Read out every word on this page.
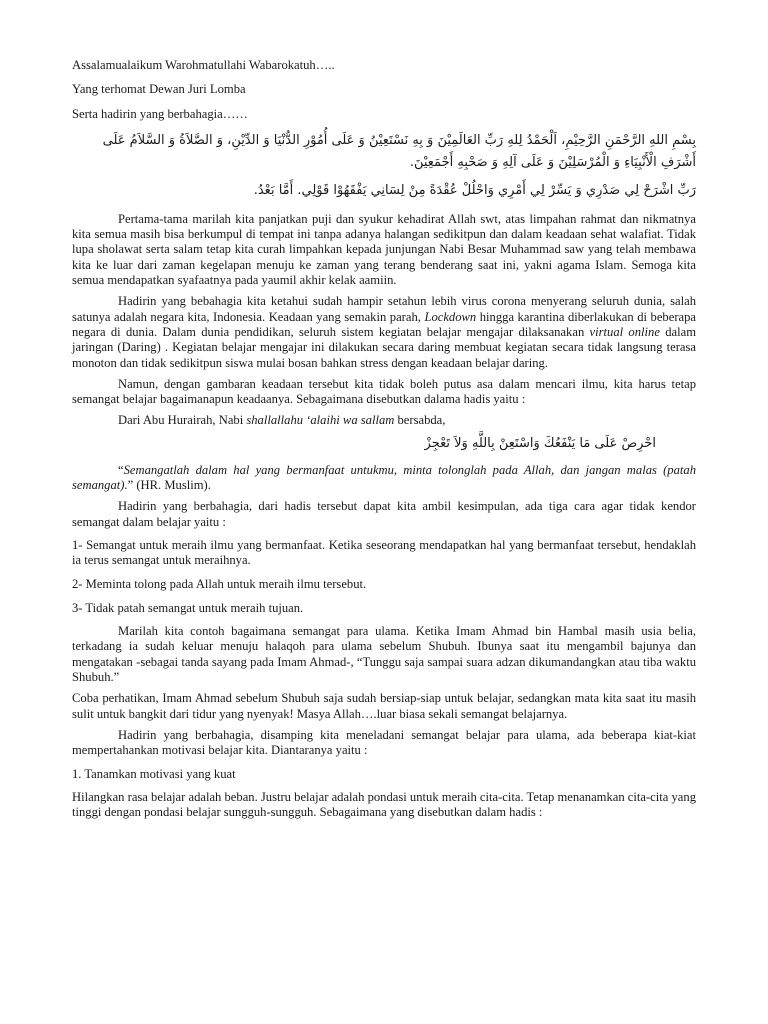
Assalamualaikum Warohmatullahi Wabarokatuh…..

Yang terhomat Dewan Juri Lomba

Serta hadirin yang berbahagia……

بِسْمِ اللهِ الرَّحْمَنِ الرَّحِيْمِ، اَلْحَمْدُ لِلهِ رَبِّ العَالَمِيْنَ وَ بِهِ نَسْتَعِيْنُ وَ عَلَى أُمُوْرِ الدُّنْيَا وَ الدِّيْنِ، وَ الصَّلاَةُ وَ السَّلاَمُ عَلَى أَشْرَفِ الْأَنْبِيَاءِ وَ الْمُرْسَلِيْنَ وَ عَلَى آلِهِ وَ صَحْبِهِ أَجْمَعِيْنَ.

رَبِّ اشْرَحْ لِي صَدْرِي وَ يَسِّرْ لِي أَمْرِي وَاحْلُلْ عُقْدَةً مِنْ لِسَانِي يَفْقَهُوْا قَوْلِي. أَمَّا بَعْدُ.

Pertama-tama marilah kita panjatkan puji dan syukur kehadirat Allah swt, atas limpahan rahmat dan nikmatnya kita semua masih bisa berkumpul di tempat ini tanpa adanya halangan sedikitpun dan dalam keadaan sehat walafiat. Tidak lupa sholawat serta salam tetap kita curah limpahkan kepada junjungan Nabi Besar Muhammad saw yang telah membawa kita ke luar dari zaman kegelapan menuju ke zaman yang terang benderang saat ini, yakni agama Islam. Semoga kita semua mendapatkan syafaatnya pada yaumil akhir kelak aamiin.

Hadirin yang bebahagia kita ketahui sudah hampir setahun lebih virus corona menyerang seluruh dunia, salah satunya adalah negara kita, Indonesia. Keadaan yang semakin parah, Lockdown hingga karantina diberlakukan di beberapa negara di dunia. Dalam dunia pendidikan, seluruh sistem kegiatan belajar mengajar dilaksanakan virtual online dalam jaringan (Daring) . Kegiatan belajar mengajar ini dilakukan secara daring membuat kegiatan secara tidak langsung terasa monoton dan tidak sedikitpun siswa mulai bosan bahkan stress dengan keadaan belajar daring.

Namun, dengan gambaran keadaan tersebut kita tidak boleh putus asa dalam mencari ilmu, kita harus tetap semangat belajar bagaimanapun keadaanya. Sebagaimana disebutkan dalama hadis yaitu :

Dari Abu Hurairah, Nabi shallallahu ‘alaihi wa sallam bersabda,

احْرِصْ عَلَى مَا يَنْفَعُكَ وَاسْتَعِنْ بِاللَّهِ وَلاَ تَعْجِزْ

“Semangatlah dalam hal yang bermanfaat untukmu, minta tolonglah pada Allah, dan jangan malas (patah semangat).” (HR. Muslim).

Hadirin yang berbahagia, dari hadis tersebut dapat kita ambil kesimpulan, ada tiga cara agar tidak kendor semangat dalam belajar yaitu :

1- Semangat untuk meraih ilmu yang bermanfaat. Ketika seseorang mendapatkan hal yang bermanfaat tersebut, hendaklah ia terus semangat untuk meraihnya.

2- Meminta tolong pada Allah untuk meraih ilmu tersebut.

3- Tidak patah semangat untuk meraih tujuan.

Marilah kita contoh bagaimana semangat para ulama. Ketika Imam Ahmad bin Hambal masih usia belia, terkadang ia sudah keluar menuju halaqoh para ulama sebelum Shubuh. Ibunya saat itu mengambil bajunya dan mengatakan -sebagai tanda sayang pada Imam Ahmad-, “Tunggu saja sampai suara adzan dikumandangkan atau tiba waktu Shubuh.”

Coba perhatikan, Imam Ahmad sebelum Shubuh saja sudah bersiap-siap untuk belajar, sedangkan mata kita saat itu masih sulit untuk bangkit dari tidur yang nyenyak! Masya Allah….luar biasa sekali semangat belajarnya.

Hadirin yang berbahagia, disamping kita meneladani semangat belajar para ulama, ada beberapa kiat-kiat mempertahankan motivasi belajar kita. Diantaranya yaitu :

1. Tanamkan motivasi yang kuat

Hilangkan rasa belajar adalah beban. Justru belajar adalah pondasi untuk meraih cita-cita. Tetap menanamkan cita-cita yang tinggi dengan pondasi belajar sungguh-sungguh. Sebagaimana yang disebutkan dalam hadis :
